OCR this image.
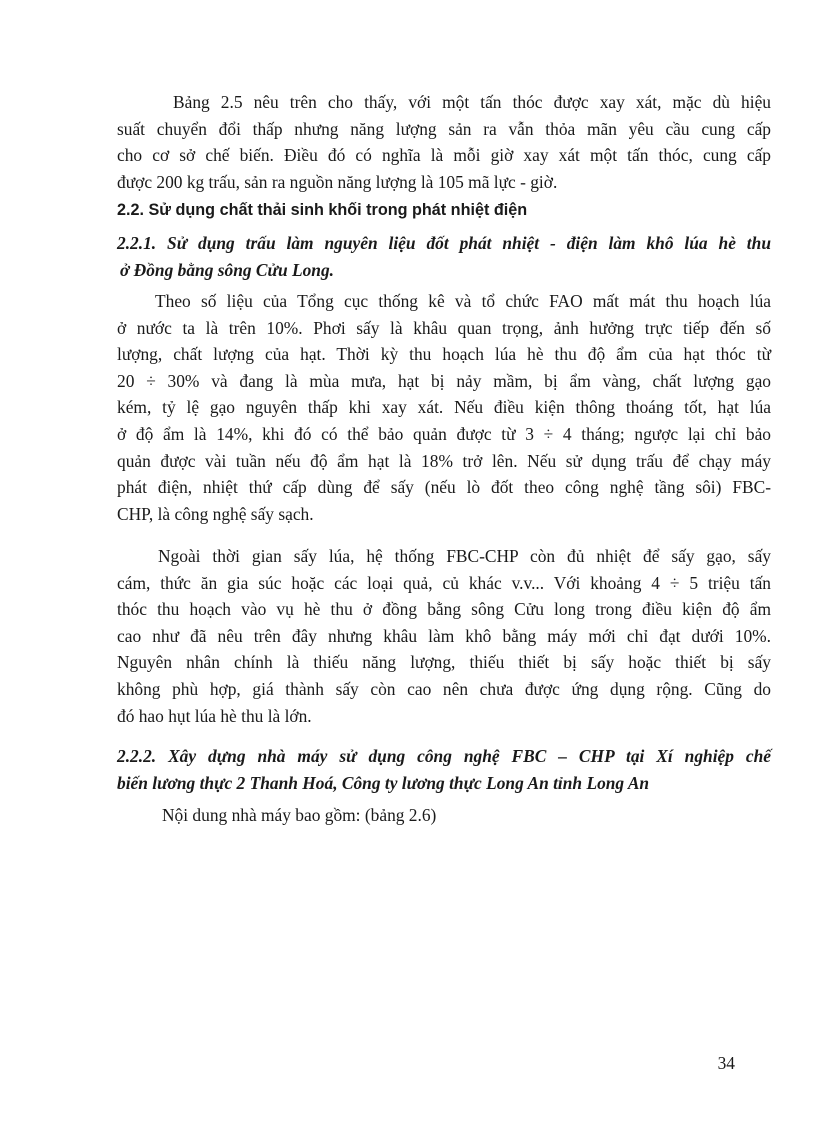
Bảng 2.5 nêu trên cho thấy, với một tấn thóc được xay xát, mặc dù hiệu
suất chuyển đổi thấp nhưng năng lượng sản ra vẫn thỏa mãn yêu cầu cung cấp
cho cơ sở chế biến. Điều đó có nghĩa là mỗi giờ xay xát một tấn thóc, cung cấp
được 200 kg trấu, sản ra nguồn năng lượng là 105 mã lực - giờ.
2.2. Sử dụng chất thải sinh khối trong phát nhiệt điện
2.2.1. Sử dụng trấu làm nguyên liệu đốt phát nhiệt - điện làm khô lúa hè thu
ở Đồng bằng sông Cửu Long.
Theo số liệu của Tổng cục thống kê và tổ chức FAO mất mát thu hoạch lúa
ở nước ta là trên 10%. Phơi sấy là khâu quan trọng, ảnh hưởng trực tiếp đến số
lượng, chất lượng của hạt. Thời kỳ thu hoạch lúa hè thu độ ẩm của hạt thóc từ
20 ÷ 30% và đang là mùa mưa, hạt bị nảy mầm, bị ẩm vàng, chất lượng gạo
kém, tỷ lệ gạo nguyên thấp khi xay xát. Nếu điều kiện thông thoáng tốt, hạt lúa
ở độ ẩm là 14%, khi đó có thể bảo quản được từ 3 ÷ 4 tháng; ngược lại chỉ bảo
quản được vài tuần nếu độ ẩm hạt là 18% trở lên. Nếu sử dụng trấu để chạy máy
phát điện, nhiệt thứ cấp dùng để sấy (nếu lò đốt theo công nghệ tầng sôi) FBC-
CHP, là công nghệ sấy sạch.
Ngoài thời gian sấy lúa, hệ thống FBC-CHP còn đủ nhiệt để sấy gạo, sấy
cám, thức ăn gia súc hoặc các loại quả, củ khác v.v... Với khoảng 4 ÷ 5 triệu tấn
thóc thu hoạch vào vụ hè thu ở đồng bằng sông Cửu long trong điều kiện độ ẩm
cao như đã nêu trên đây nhưng khâu làm khô bằng máy mới chỉ đạt dưới 10%.
Nguyên nhân chính là thiếu năng lượng, thiếu thiết bị sấy hoặc thiết bị sấy
không phù hợp, giá thành sấy còn cao nên chưa được ứng dụng rộng. Cũng do
đó hao hụt lúa hè thu là lớn.
2.2.2. Xây dựng nhà máy sử dụng công nghệ FBC – CHP tại Xí nghiệp chế
biến lương thực 2 Thanh Hoá, Công ty lương thực Long An tỉnh Long An
Nội dung nhà máy bao gồm: (bảng 2.6)
34
